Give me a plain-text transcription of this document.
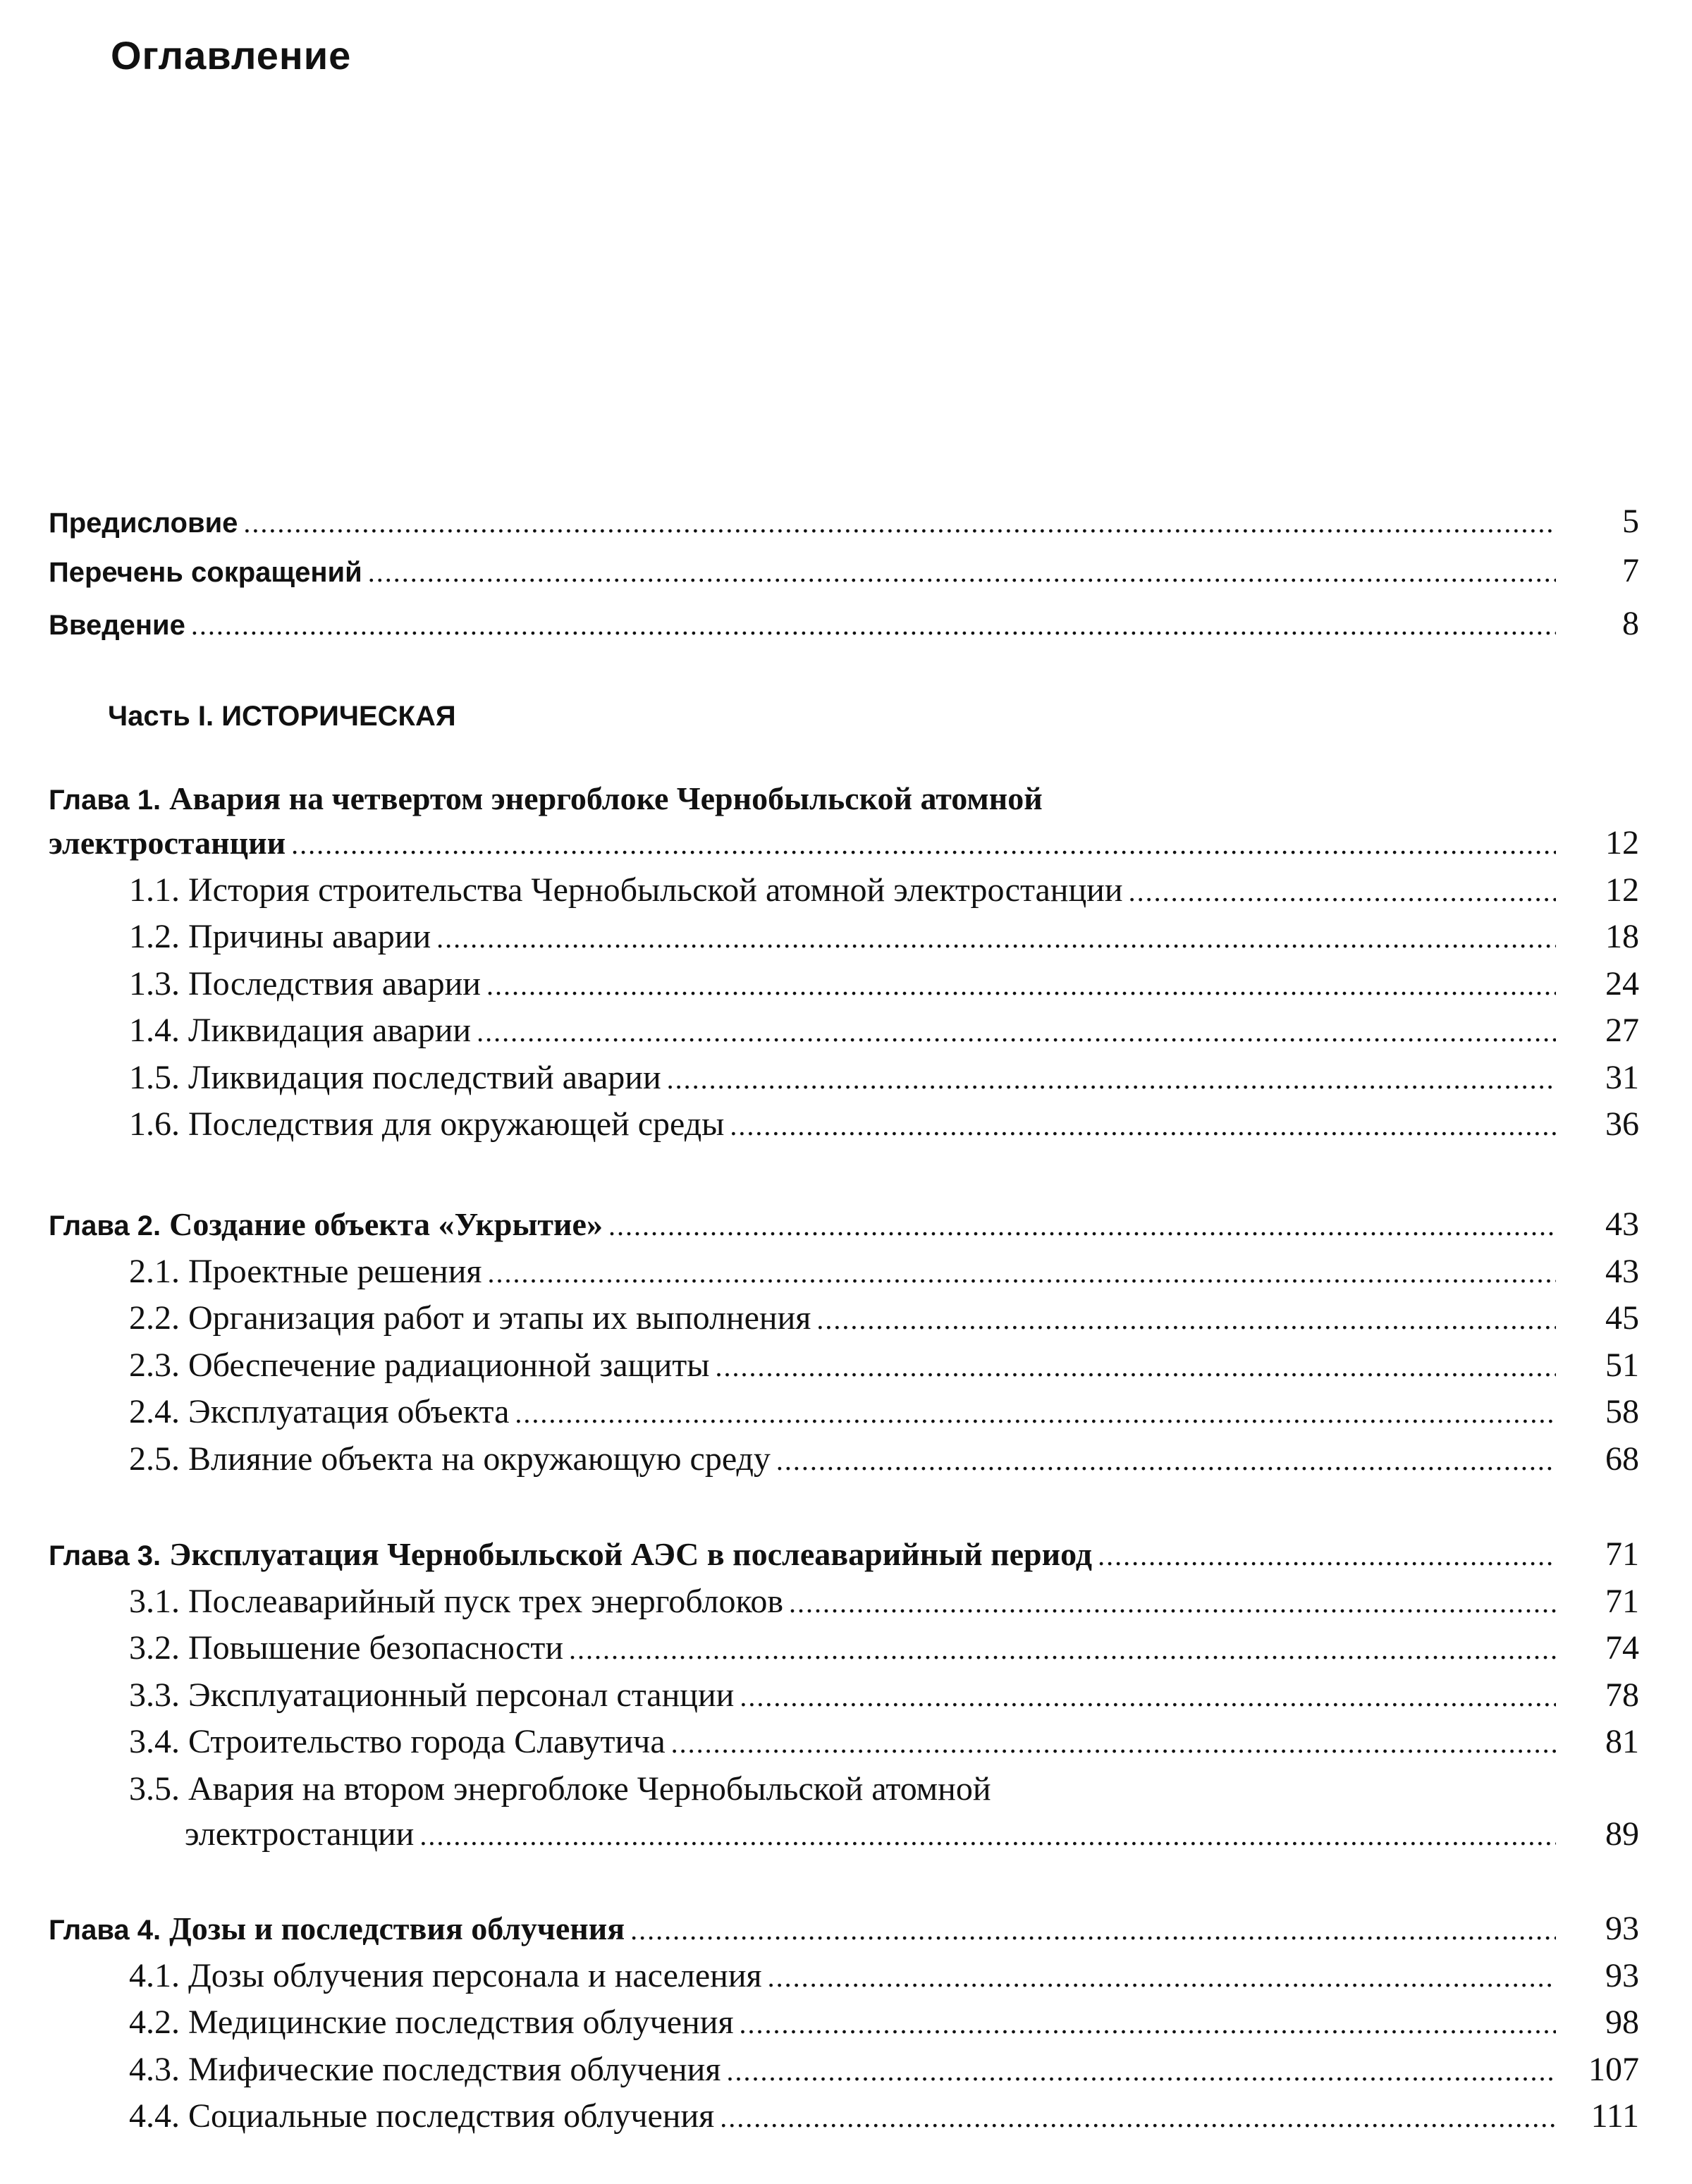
Оглавление
Часть I. ИСТОРИЧЕСКАЯ
Предисловие .....	5
Перечень сокращений .....	7
Введение .....	8
Глава 1. Авария на четвертом энергоблоке Чернобыльской атомной
электростанции .....	12
1.1. История строительства Чернобыльской атомной электростанции .....	12
1.2. Причины аварии .....	18
1.3. Последствия аварии .....	24
1.4. Ликвидация аварии .....	27
1.5. Ликвидация последствий аварии .....	31
1.6. Последствия для окружающей среды .....	36
Глава 2. Создание объекта «Укрытие» .....	43
2.1. Проектные решения .....	43
2.2. Организация работ и этапы их выполнения .....	45
2.3. Обеспечение радиационной защиты .....	51
2.4. Эксплуатация объекта .....	58
2.5. Влияние объекта на окружающую среду .....	68
Глава 3. Эксплуатация Чернобыльской АЭС в послеаварийный период .....	71
3.1. Послеаварийный пуск трех энергоблоков .....	71
3.2. Повышение безопасности .....	74
3.3. Эксплуатационный персонал станции .....	78
3.4. Строительство города Славутича .....	81
3.5. Авария на втором энергоблоке Чернобыльской атомной
электростанции .....	89
Глава 4. Дозы и последствия облучения .....	93
4.1. Дозы облучения персонала и населения .....	93
4.2. Медицинские последствия облучения .....	98
4.3. Мифические последствия облучения .....	107
4.4. Социальные последствия облучения .....	111
